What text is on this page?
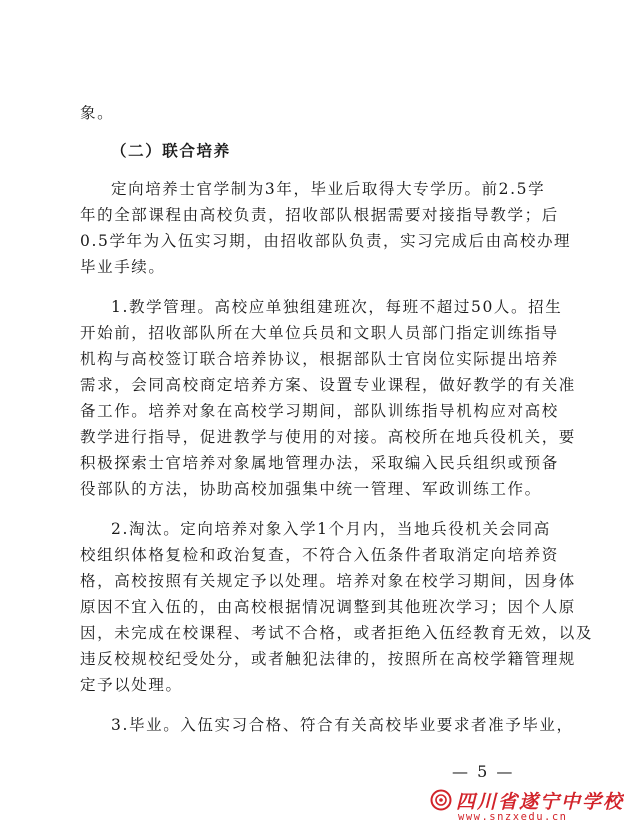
象。
（二）联合培养
定向培养士官学制为3年，毕业后取得大专学历。前2.5学
年的全部课程由高校负责，招收部队根据需要对接指导教学；后
0.5学年为入伍实习期，由招收部队负责，实习完成后由高校办理
毕业手续。
1.教学管理。高校应单独组建班次，每班不超过50人。招生
开始前，招收部队所在大单位兵员和文职人员部门指定训练指导
机构与高校签订联合培养协议，根据部队士官岗位实际提出培养
需求，会同高校商定培养方案、设置专业课程，做好教学的有关准
备工作。培养对象在高校学习期间，部队训练指导机构应对高校
教学进行指导，促进教学与使用的对接。高校所在地兵役机关，要
积极探索士官培养对象属地管理办法，采取编入民兵组织或预备
役部队的方法，协助高校加强集中统一管理、军政训练工作。
2.淘汰。定向培养对象入学1个月内，当地兵役机关会同高
校组织体格复检和政治复查，不符合入伍条件者取消定向培养资
格，高校按照有关规定予以处理。培养对象在校学习期间，因身体
原因不宜入伍的，由高校根据情况调整到其他班次学习；因个人原
因，未完成在校课程、考试不合格，或者拒绝入伍经教育无效，以及
违反校规校纪受处分，或者触犯法律的，按照所在高校学籍管理规
定予以处理。
3.毕业。入伍实习合格、符合有关高校毕业要求者准予毕业，
— 5 —
四川省遂宁中学校
www.snzxedu.cn
